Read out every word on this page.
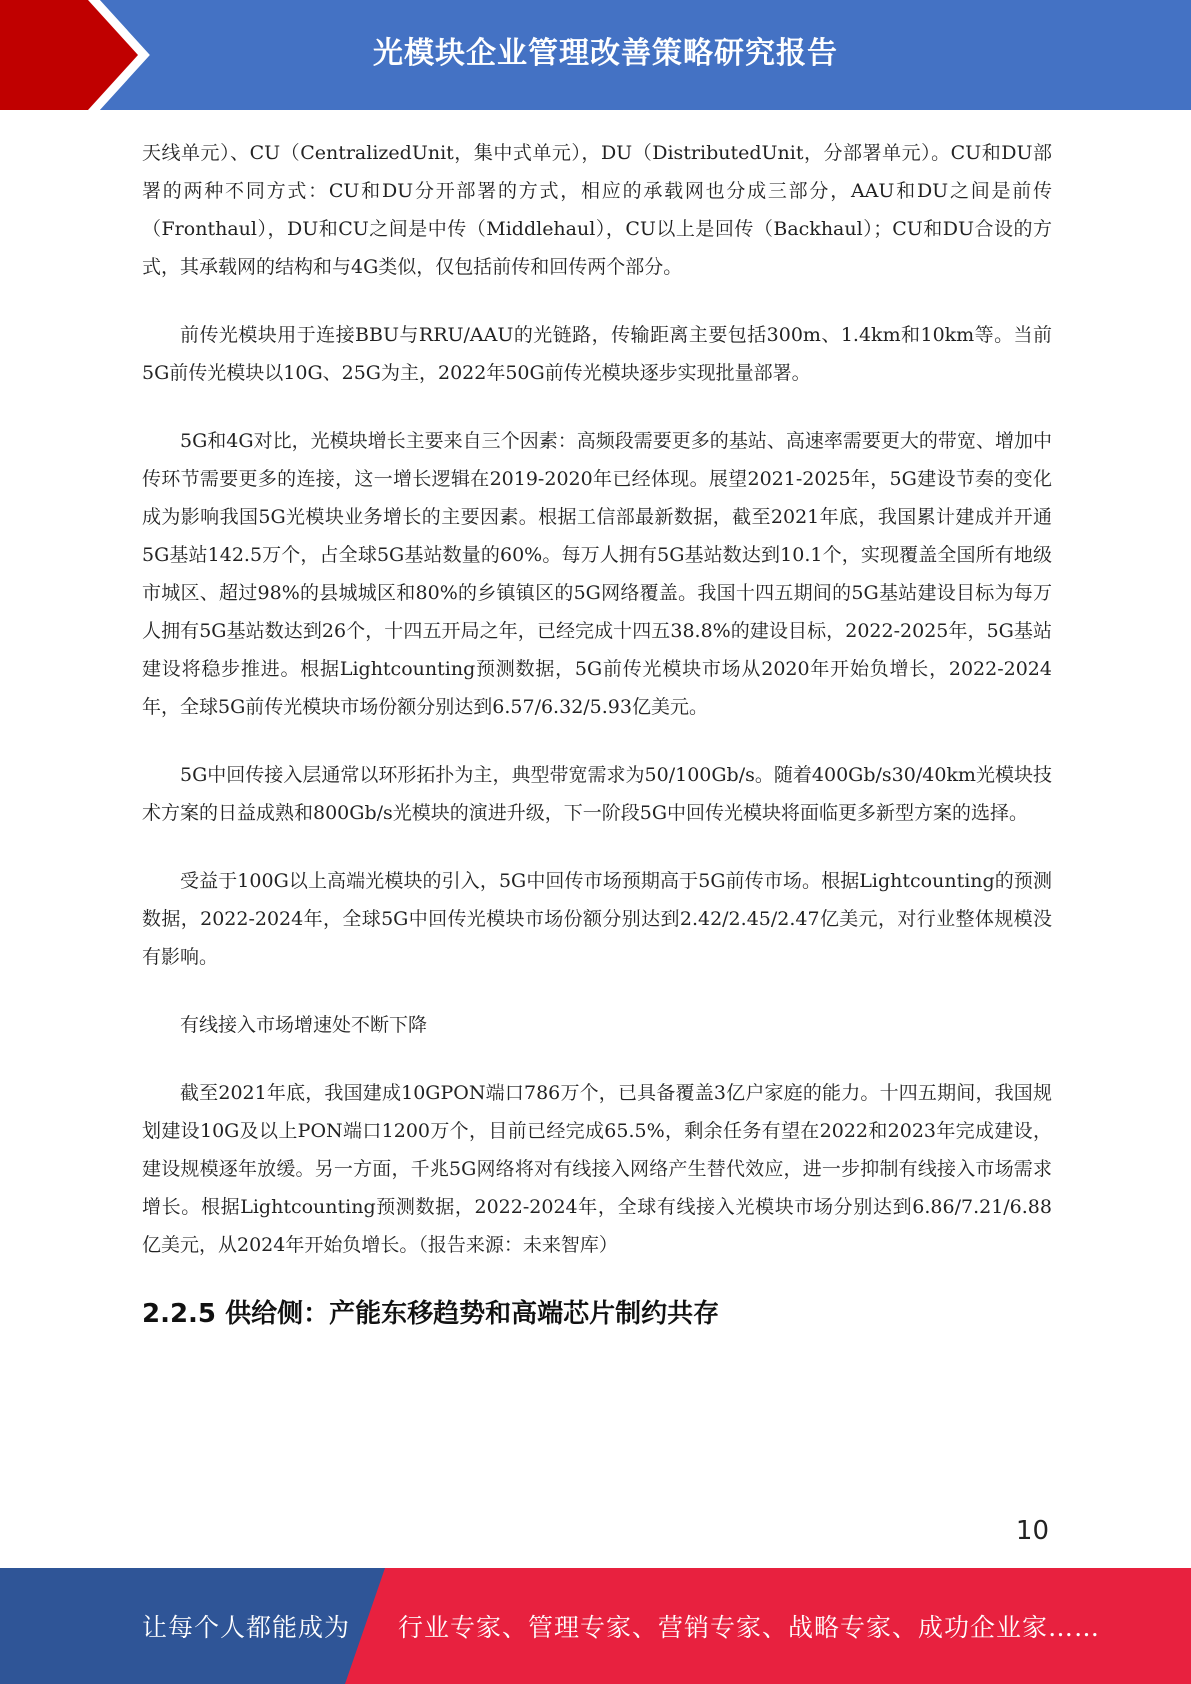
光模块企业管理改善策略研究报告

天线单元）、CU（CentralizedUnit，集中式单元），DU（DistributedUnit，分部署单元）。CU和DU部署的两种不同方式：CU和DU分开部署的方式，相应的承载网也分成三部分，AAU和DU之间是前传（Fronthaul），DU和CU之间是中传（Middlehaul），CU以上是回传（Backhaul）；CU和DU合设的方式，其承载网的结构和与4G类似，仅包括前传和回传两个部分。

前传光模块用于连接BBU与RRU/AAU的光链路，传输距离主要包括300m、1.4km和10km等。当前5G前传光模块以10G、25G为主，2022年50G前传光模块逐步实现批量部署。

5G和4G对比，光模块增长主要来自三个因素：高频段需要更多的基站、高速率需要更大的带宽、增加中传环节需要更多的连接，这一增长逻辑在2019-2020年已经体现。展望2021-2025年，5G建设节奏的变化成为影响我国5G光模块业务增长的主要因素。根据工信部最新数据，截至2021年底，我国累计建成并开通5G基站142.5万个，占全球5G基站数量的60%。每万人拥有5G基站数达到10.1个，实现覆盖全国所有地级市城区、超过98%的县城城区和80%的乡镇镇区的5G网络覆盖。我国十四五期间的5G基站建设目标为每万人拥有5G基站数达到26个，十四五开局之年，已经完成十四五38.8%的建设目标，2022-2025年，5G基站建设将稳步推进。根据Lightcounting预测数据，5G前传光模块市场从2020年开始负增长，2022-2024年，全球5G前传光模块市场份额分别达到6.57/6.32/5.93亿美元。

5G中回传接入层通常以环形拓扑为主，典型带宽需求为50/100Gb/s。随着400Gb/s30/40km光模块技术方案的日益成熟和800Gb/s光模块的演进升级，下一阶段5G中回传光模块将面临更多新型方案的选择。

受益于100G以上高端光模块的引入，5G中回传市场预期高于5G前传市场。根据Lightcounting的预测数据，2022-2024年，全球5G中回传光模块市场份额分别达到2.42/2.45/2.47亿美元，对行业整体规模没有影响。

有线接入市场增速处不断下降

截至2021年底，我国建成10GPON端口786万个，已具备覆盖3亿户家庭的能力。十四五期间，我国规划建设10G及以上PON端口1200万个，目前已经完成65.5%，剩余任务有望在2022和2023年完成建设，建设规模逐年放缓。另一方面，千兆5G网络将对有线接入网络产生替代效应，进一步抑制有线接入市场需求增长。根据Lightcounting预测数据，2022-2024年，全球有线接入光模块市场分别达到6.86/7.21/6.88亿美元，从2024年开始负增长。（报告来源：未来智库）

2.2.5 供给侧：产能东移趋势和高端芯片制约共存
10
让每个人都能成为 行业专家、管理专家、营销专家、战略专家、成功企业家……
